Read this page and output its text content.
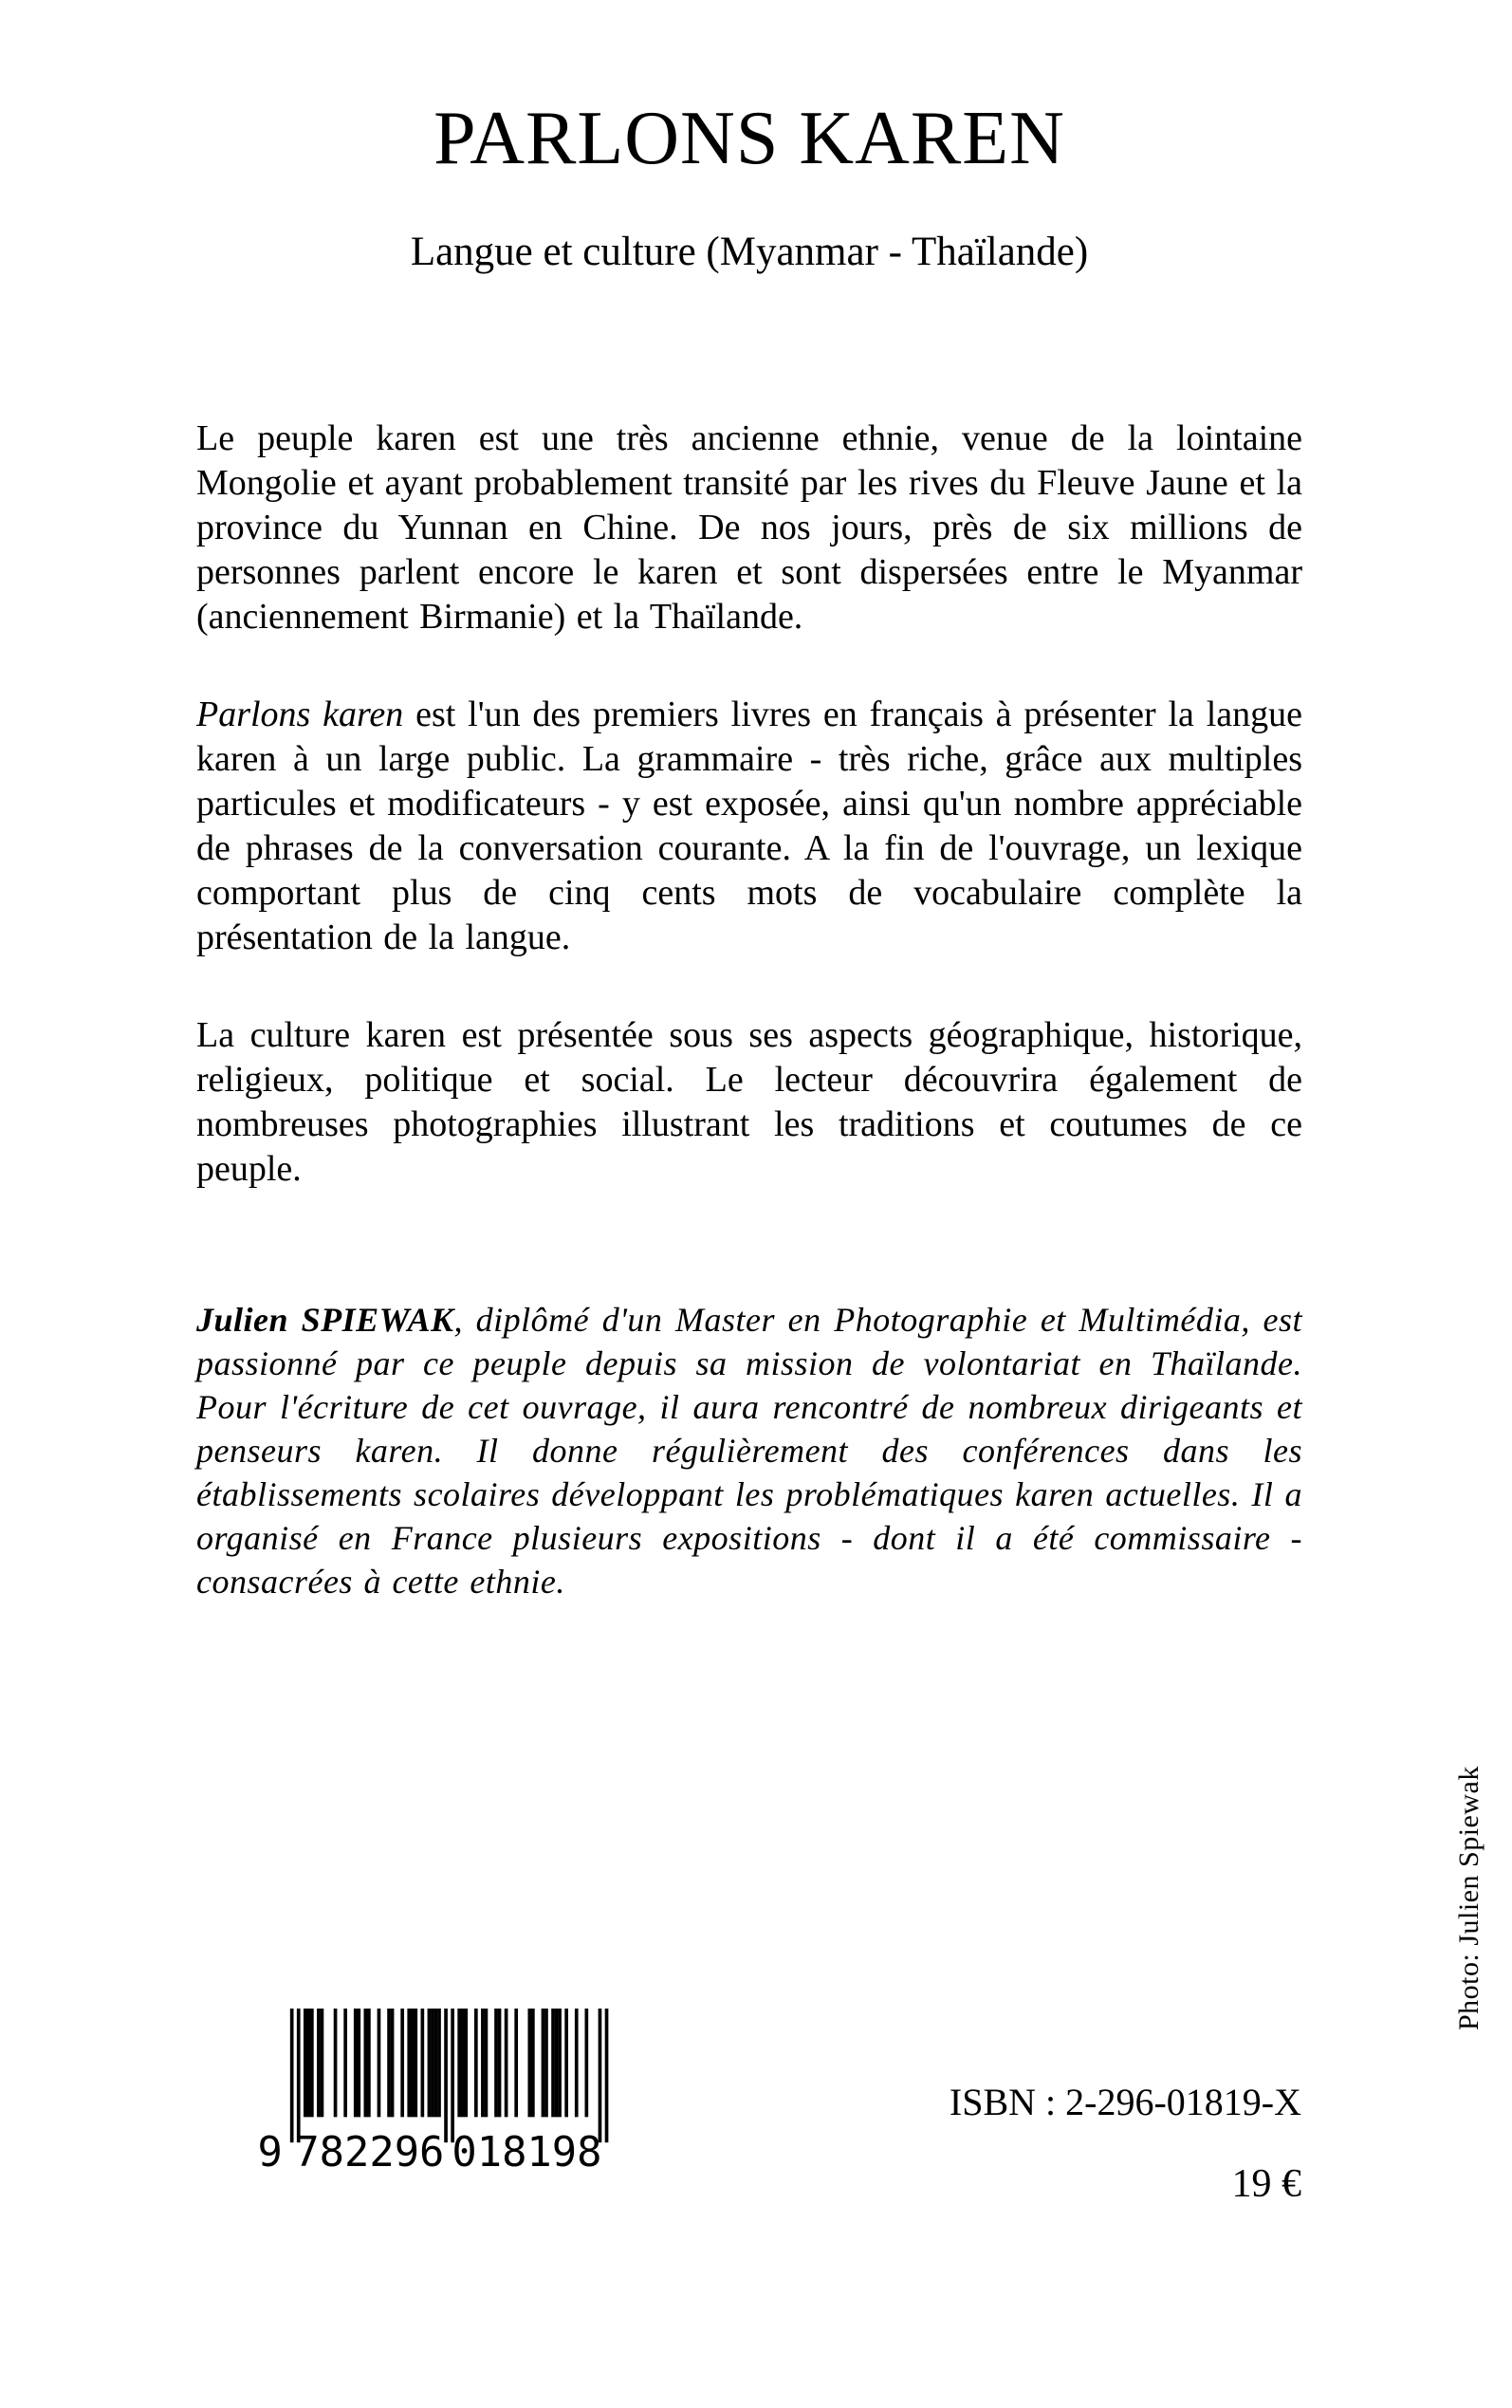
PARLONS KAREN
Langue et culture (Myanmar - Thaïlande)

Le peuple karen est une très ancienne ethnie, venue de la lointaine Mongolie et ayant probablement transité par les rives du Fleuve Jaune et la province du Yunnan en Chine. De nos jours, près de six millions de personnes parlent encore le karen et sont dispersées entre le Myanmar (anciennement Birmanie) et la Thaïlande.

Parlons karen est l'un des premiers livres en français à présenter la langue karen à un large public. La grammaire - très riche, grâce aux multiples particules et modificateurs - y est exposée, ainsi qu'un nombre appréciable de phrases de la conversation courante. A la fin de l'ouvrage, un lexique comportant plus de cinq cents mots de vocabulaire complète la présentation de la langue.

La culture karen est présentée sous ses aspects géographique, historique, religieux, politique et social. Le lecteur découvrira également de nombreuses photographies illustrant les traditions et coutumes de ce peuple.

Julien SPIEWAK, diplômé d'un Master en Photographie et Multimédia, est passionné par ce peuple depuis sa mission de volontariat en Thaïlande. Pour l'écriture de cet ouvrage, il aura rencontré de nombreux dirigeants et penseurs karen. Il donne régulièrement des conférences dans les établissements scolaires développant les problématiques karen actuelles. Il a organisé en France plusieurs expositions - dont il a été commissaire - consacrées à cette ethnie.
Photo: Julien Spiewak
9 782296 018198
ISBN : 2-296-01819-X
19 €
